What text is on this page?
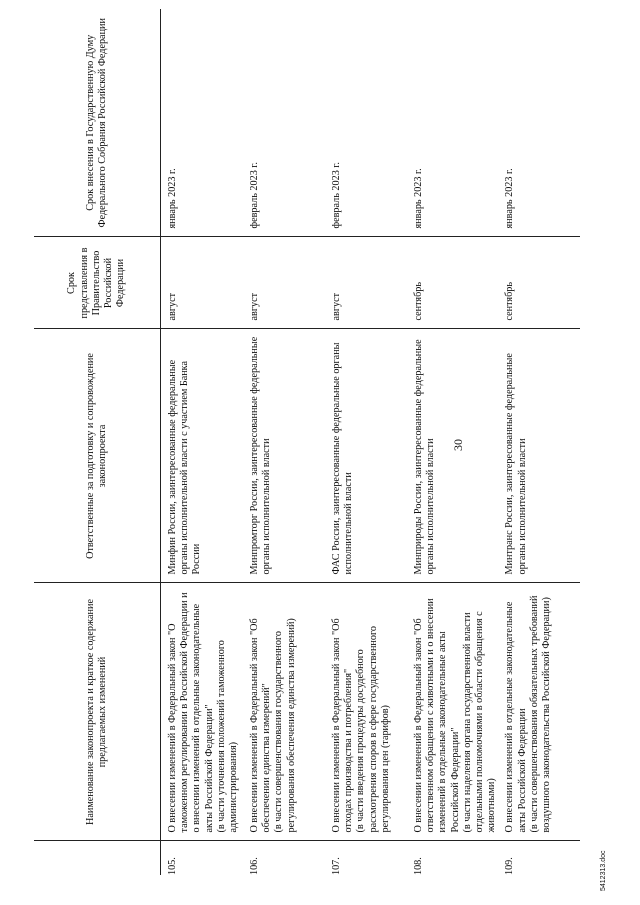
30
	Наименование законопроекта и краткое содержание предлагаемых изменений	Ответственные за подготовку и сопровождение законопроекта	Срок представления в Правительство Российской Федерации	Срок внесения в Государственную Думу Федерального Собрания Российской Федерации
105.	О внесении изменений в Федеральный закон "О таможенном регулировании в Российской Федерации и о внесении изменений в отдельные законодательные акты Российской Федерации" (в части уточнения положений таможенного администрирования)	Минфин России, заинтересованные федеральные органы исполнительной власти с участием Банка России	август	январь 2023 г.
106.	О внесении изменений в Федеральный закон "Об обеспечении единства измерений" (в части совершенствования государственного регулирования обеспечения единства измерений)	Минпромторг России, заинтересованные федеральные органы исполнительной власти	август	февраль 2023 г.
107.	О внесении изменений в Федеральный закон "Об отходах производства и потребления" (в части введения процедуры досудебного рассмотрения споров в сфере государственного регулирования цен (тарифов)	ФАС России, заинтересованные федеральные органы исполнительной власти	август	февраль 2023 г.
108.	О внесении изменений в Федеральный закон "Об ответственном обращении с животными и о внесении изменений в отдельные законодательные акты Российской Федерации" (в части наделения органа государственной власти отдельными полномочиями в области обращения с животными)	Минприроды России, заинтересованные федеральные органы исполнительной власти	сентябрь	январь 2023 г.
109.	О внесении изменений в отдельные законодательные акты Российской Федерации (в части совершенствования обязательных требований воздушного законодательства Российской Федерации)	Минтранс России, заинтересованные федеральные органы исполнительной власти	сентябрь	январь 2023 г.
5412313.doc
